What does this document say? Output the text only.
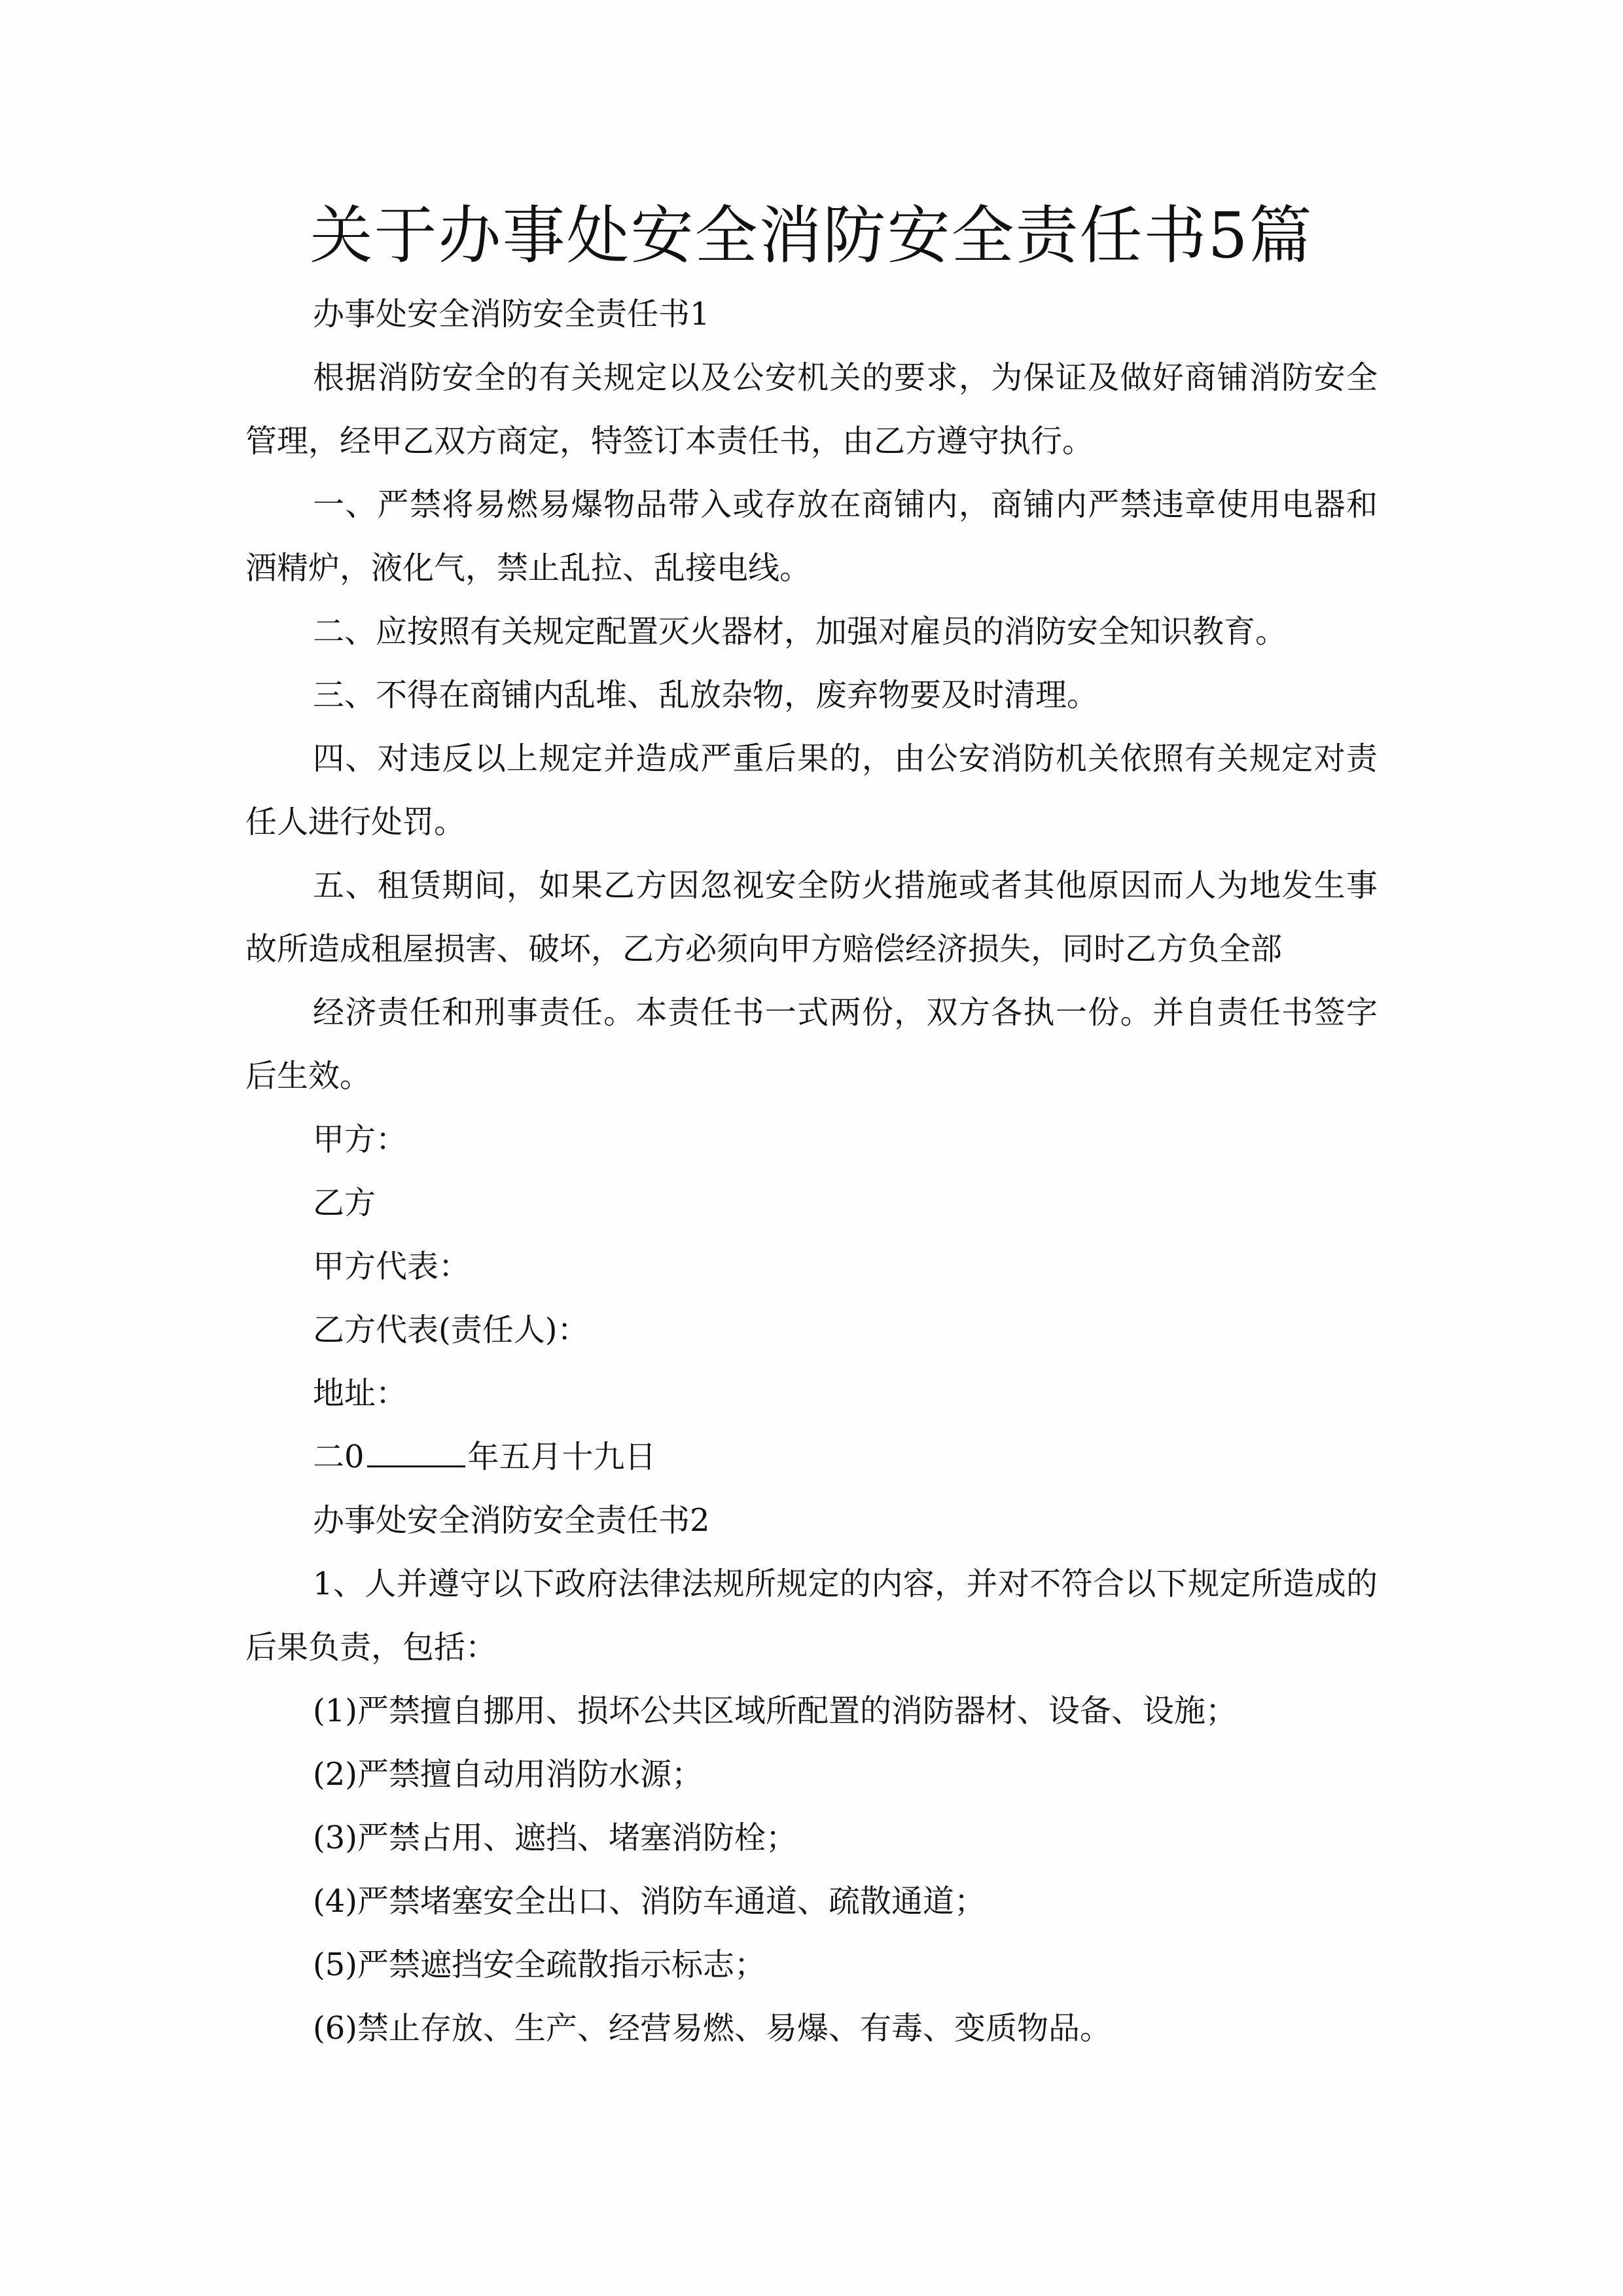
关于办事处安全消防安全责任书5篇

办事处安全消防安全责任书1

根据消防安全的有关规定以及公安机关的要求，为保证及做好商铺消防安全管理，经甲乙双方商定，特签订本责任书，由乙方遵守执行。

一、严禁将易燃易爆物品带入或存放在商铺内，商铺内严禁违章使用电器和酒精炉，液化气，禁止乱拉、乱接电线。

二、应按照有关规定配置灭火器材，加强对雇员的消防安全知识教育。

三、不得在商铺内乱堆、乱放杂物，废弃物要及时清理。

四、对违反以上规定并造成严重后果的，由公安消防机关依照有关规定对责任人进行处罚。

五、租赁期间，如果乙方因忽视安全防火措施或者其他原因而人为地发生事故所造成租屋损害、破坏，乙方必须向甲方赔偿经济损失，同时乙方负全部

经济责任和刑事责任。本责任书一式两份，双方各执一份。并自责任书签字后生效。

甲方：

乙方

甲方代表：

乙方代表(责任人)：

地址：

二0	年五月十九日

办事处安全消防安全责任书2

1、人并遵守以下政府法律法规所规定的内容，并对不符合以下规定所造成的后果负责，包括：

(1)严禁擅自挪用、损坏公共区域所配置的消防器材、设备、设施；

(2)严禁擅自动用消防水源；

(3)严禁占用、遮挡、堵塞消防栓；

(4)严禁堵塞安全出口、消防车通道、疏散通道；

(5)严禁遮挡安全疏散指示标志；

(6)禁止存放、生产、经营易燃、易爆、有毒、变质物品。
